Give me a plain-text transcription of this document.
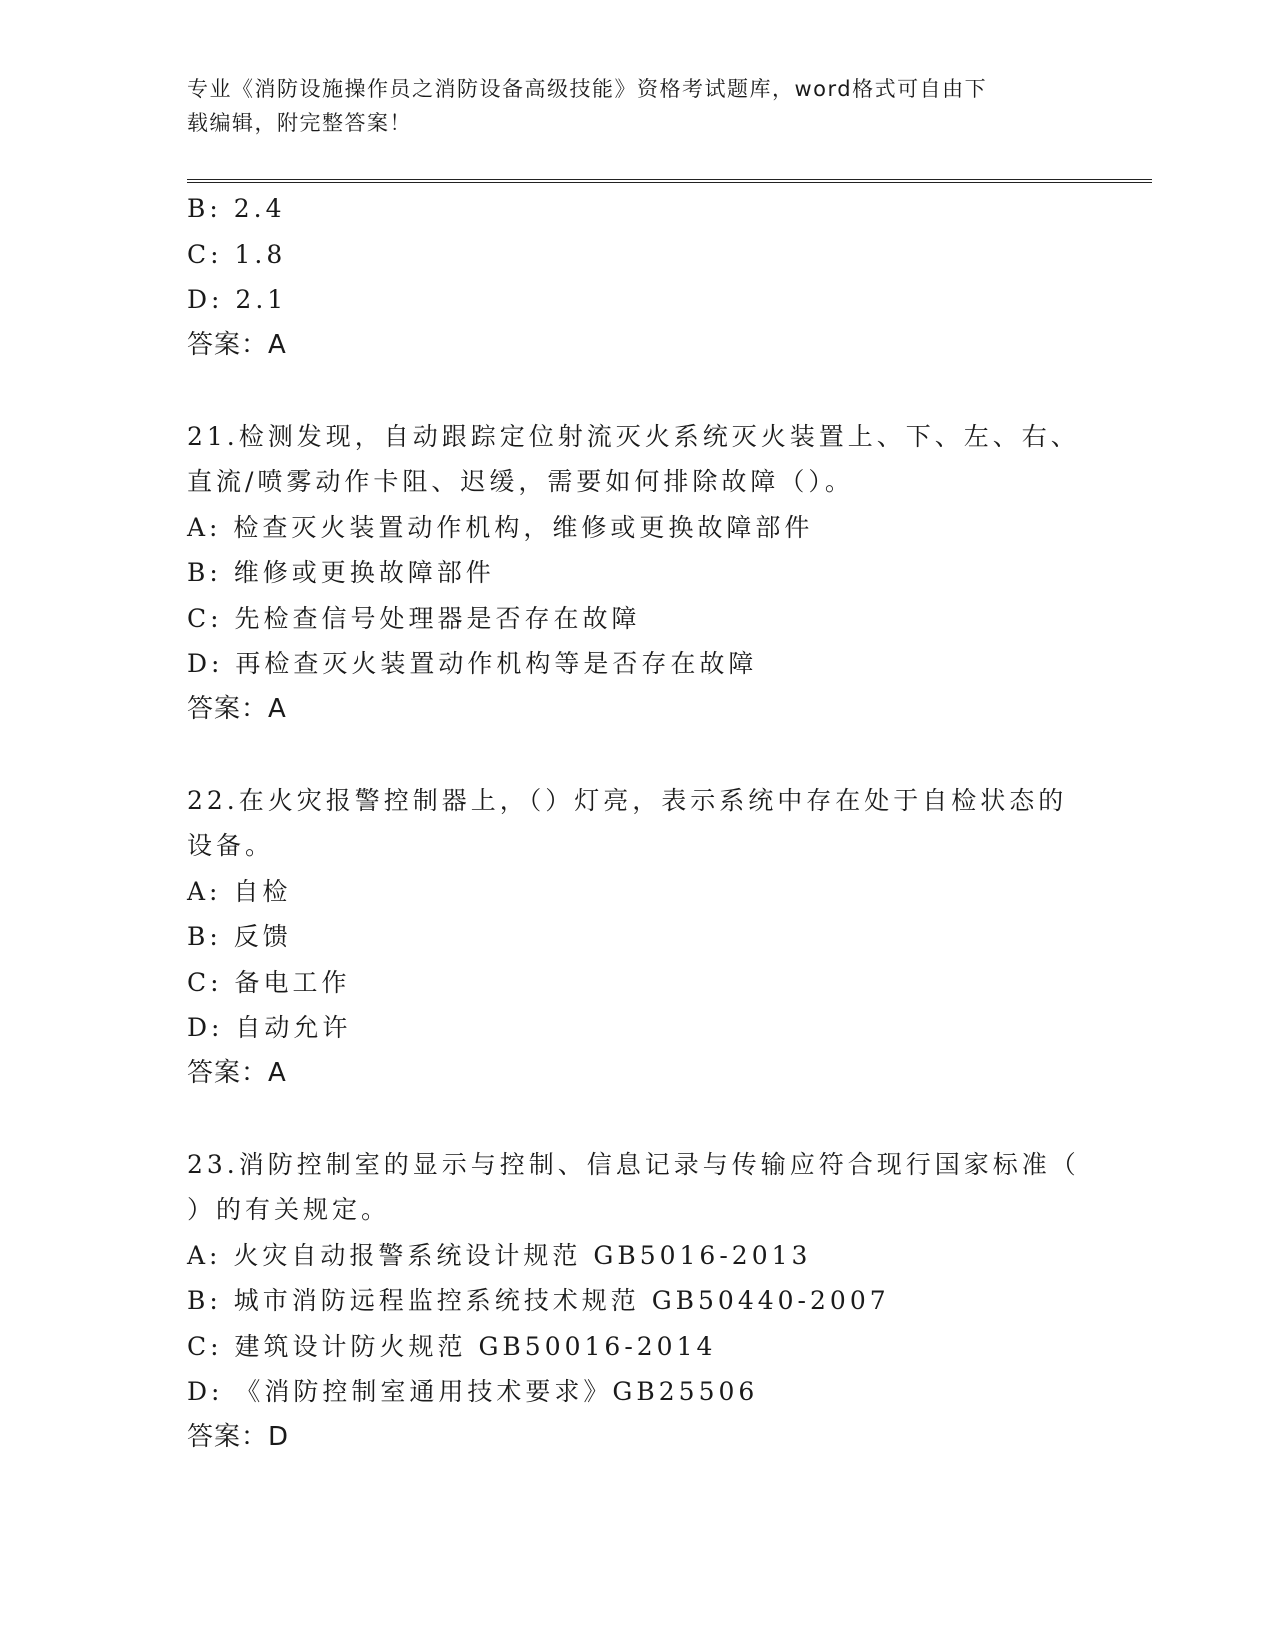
专业《消防设施操作员之消防设备高级技能》资格考试题库，word格式可自由下
载编辑，附完整答案！
B: 2.4
C: 1.8
D: 2.1
答案：A
21.检测发现，自动跟踪定位射流灭火系统灭火装置上、下、左、右、
直流/喷雾动作卡阻、迟缓，需要如何排除故障（）。
A: 检查灭火装置动作机构，维修或更换故障部件
B: 维修或更换故障部件
C: 先检查信号处理器是否存在故障
D: 再检查灭火装置动作机构等是否存在故障
答案：A
22.在火灾报警控制器上，（）灯亮，表示系统中存在处于自检状态的
设备。
A: 自检
B: 反馈
C: 备电工作
D: 自动允许
答案：A
23.消防控制室的显示与控制、信息记录与传输应符合现行国家标准（
）的有关规定。
A: 火灾自动报警系统设计规范 GB5016-2013
B: 城市消防远程监控系统技术规范 GB50440-2007
C: 建筑设计防火规范 GB50016-2014
D: 《消防控制室通用技术要求》GB25506
答案：D
